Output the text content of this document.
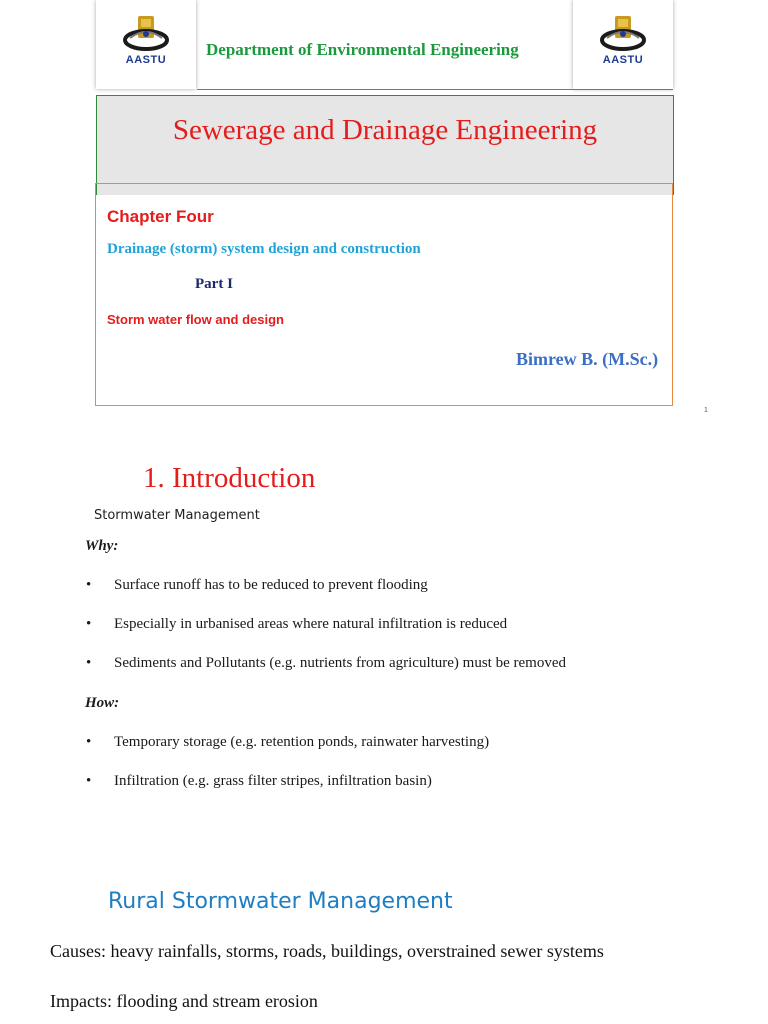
AASTU
Department of Environmental Engineering
AASTU
Sewerage and Drainage Engineering
Chapter Four
Drainage (storm) system design and construction
Part I
Storm water flow and design
Bimrew B. (M.Sc.)
1
1. Introduction
Stormwater Management
Why:
• Surface runoff has to be reduced to prevent flooding
• Especially in urbanised areas where natural infiltration is reduced
• Sediments and Pollutants (e.g. nutrients from agriculture) must be removed
How:
• Temporary storage (e.g. retention ponds, rainwater harvesting)
• Infiltration (e.g. grass filter stripes, infiltration basin)
Rural Stormwater Management
Causes: heavy rainfalls, storms, roads, buildings, overstrained sewer systems
Impacts: flooding and stream erosion
